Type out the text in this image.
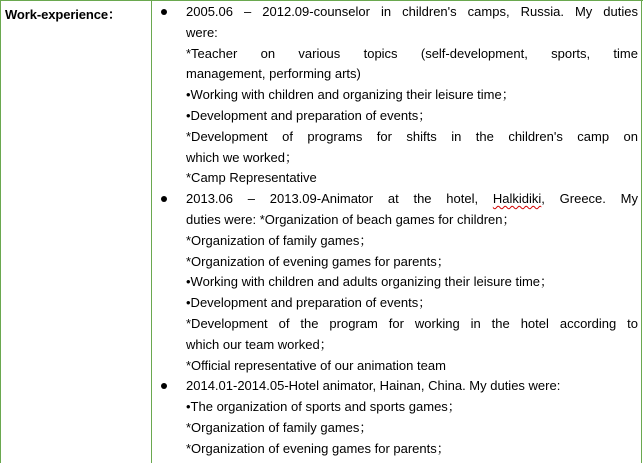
Work-experience：	2005.06 – 2012.09-counselor in children's camps, Russia. My duties
were:
*Teacher on various topics (self-development, sports, time
management, performing arts)
•Working with children and organizing their leisure time；
•Development and preparation of events；
*Development of programs for shifts in the children's camp on
which we worked；
*Camp Representative
2013.06 – 2013.09-Animator at the hotel, Halkidiki, Greece. My
duties were: *Organization of beach games for children；
*Organization of family games；
*Organization of evening games for parents；
•Working with children and adults organizing their leisure time；
•Development and preparation of events；
*Development of the program for working in the hotel according to
which our team worked；
*Official representative of our animation team
2014.01-2014.05-Hotel animator, Hainan, China. My duties were:
•The organization of sports and sports games；
*Organization of family games；
*Organization of evening games for parents；
